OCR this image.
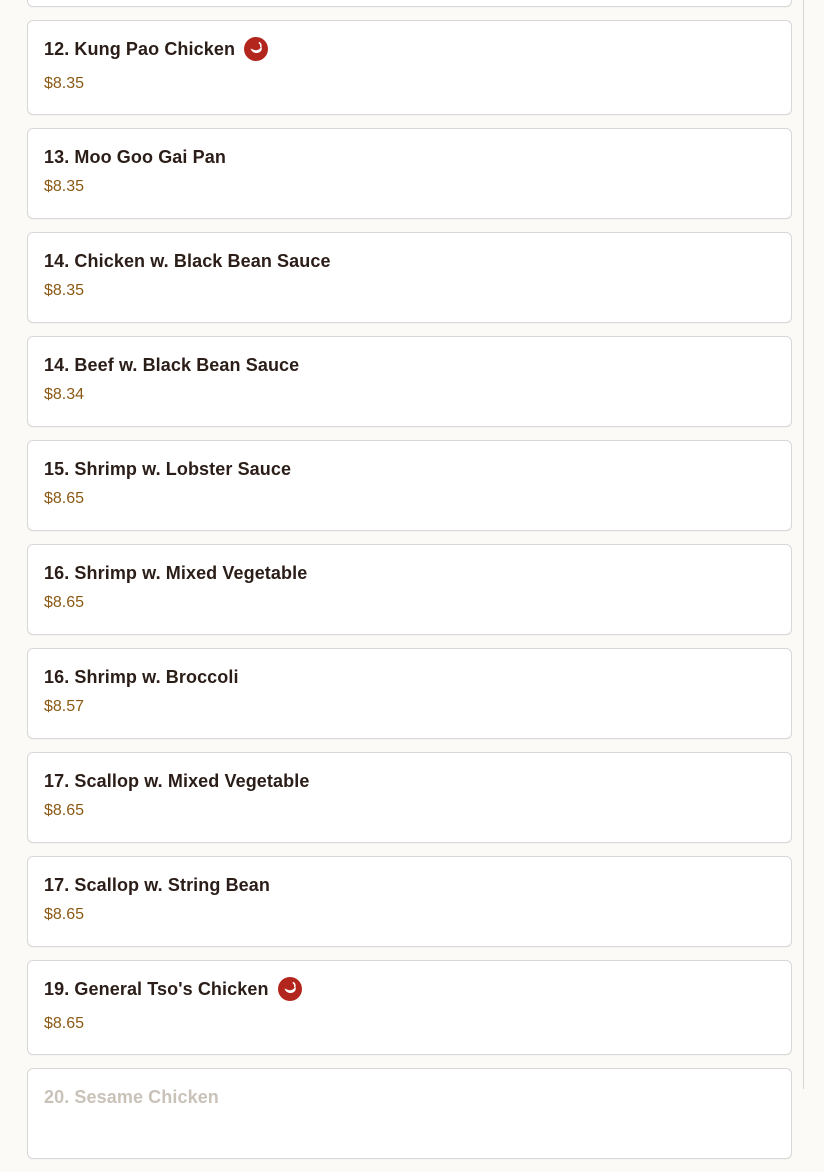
12. Kung Pao Chicken
$8.35
13. Moo Goo Gai Pan
$8.35
14. Chicken w. Black Bean Sauce
$8.35
14. Beef w. Black Bean Sauce
$8.34
15. Shrimp w. Lobster Sauce
$8.65
16. Shrimp w. Mixed Vegetable
$8.65
16. Shrimp w. Broccoli
$8.57
17. Scallop w. Mixed Vegetable
$8.65
17. Scallop w. String Bean
$8.65
19. General Tso's Chicken
$8.65
20. Sesame Chicken
